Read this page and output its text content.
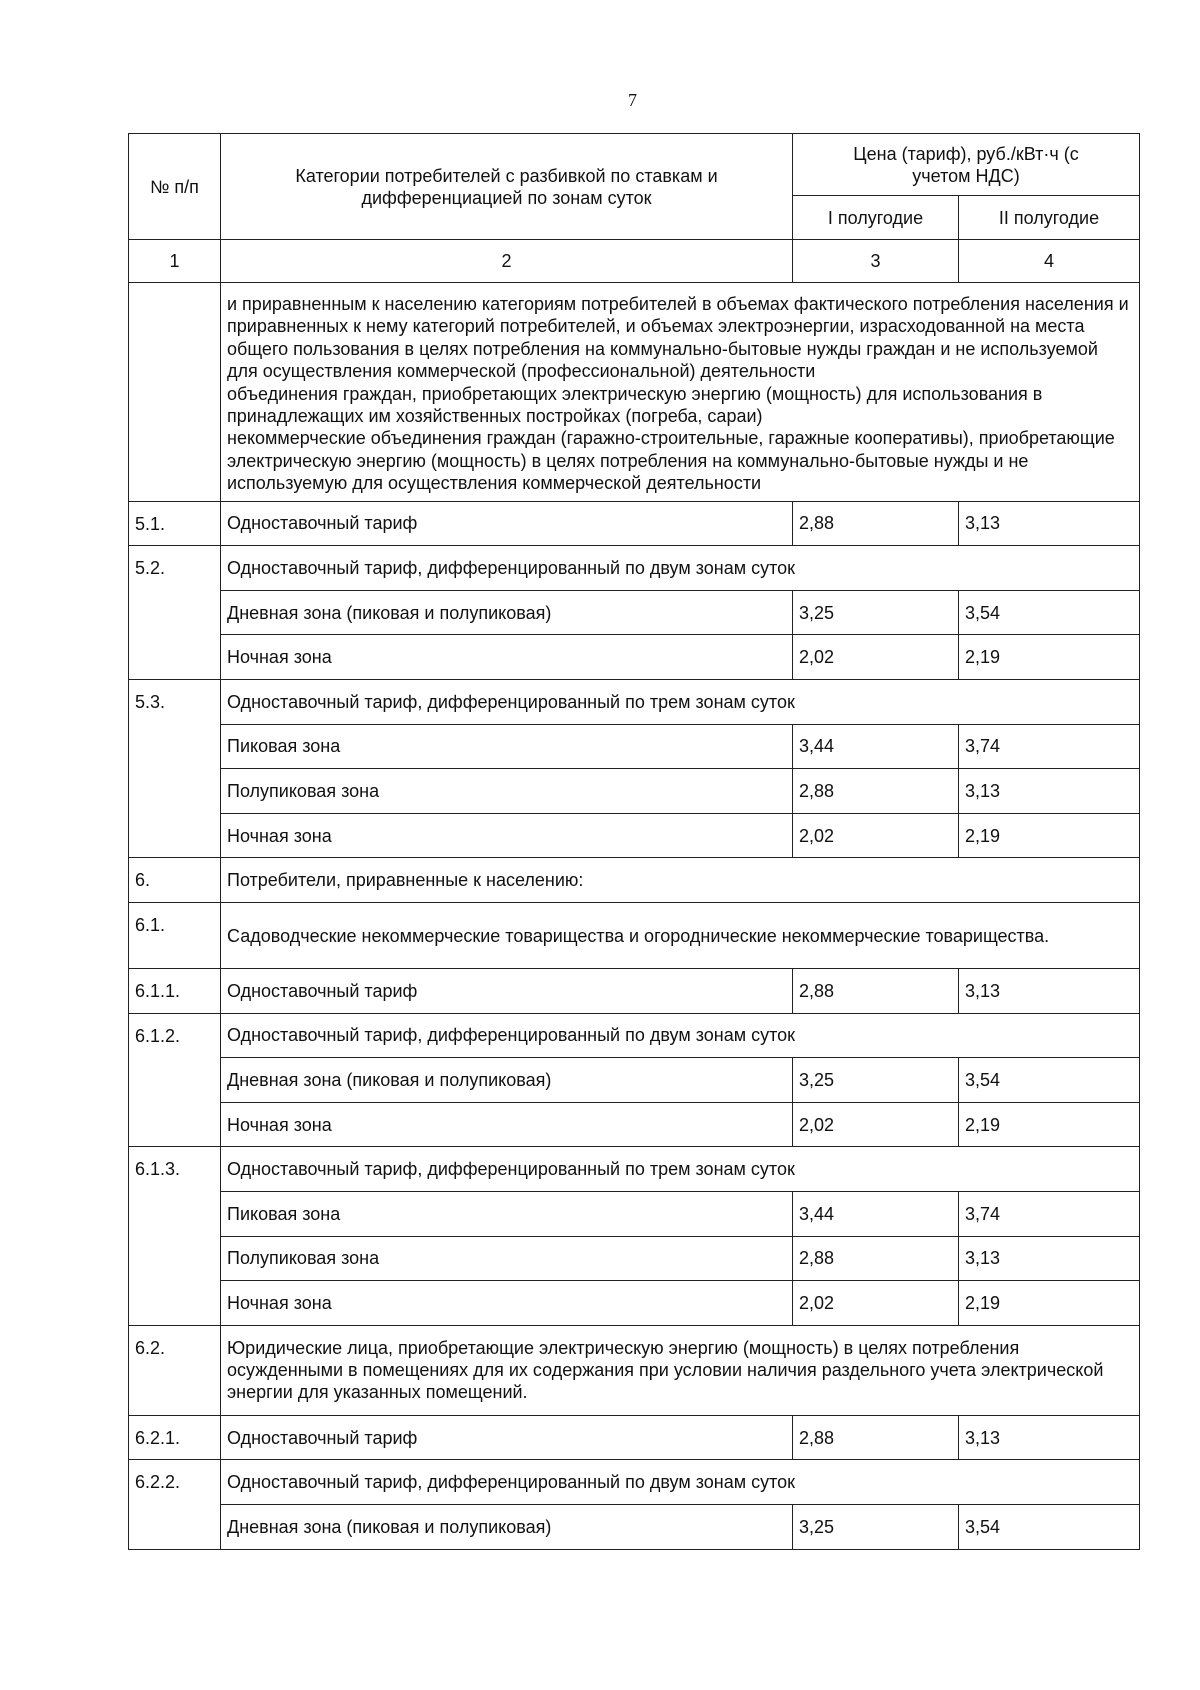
7
№ п/п	Категории потребителей с разбивкой по ставкам и дифференциацией по зонам суток	Цена (тариф), руб./кВт·ч (с учетом НДС)	
		I полугодие	II полугодие
1	2	3	4

	и приравненным к населению категориям потребителей в объемах фактического потребления населения и приравненных к нему категорий потребителей, и объемах электроэнергии, израсходованной на места общего пользования в целях потребления на коммунально-бытовые нужды граждан и не используемой для осуществления коммерческой (профессиональной) деятельности
объединения граждан, приобретающих электрическую энергию (мощность) для использования в принадлежащих им хозяйственных постройках (погреба, сараи)
некоммерческие объединения граждан (гаражно-строительные, гаражные кооперативы), приобретающие электрическую энергию (мощность) в целях потребления на коммунально-бытовые нужды и не используемую для осуществления коммерческой деятельности		

5.1.	Одноставочный тариф	2,88	3,13
5.2.	Одноставочный тариф, дифференцированный по двум зонам суток		
	Дневная зона (пиковая и полупиковая)	3,25	3,54
	Ночная зона	2,02	2,19
5.3.	Одноставочный тариф, дифференцированный по трем зонам суток		
	Пиковая зона	3,44	3,74
	Полупиковая зона	2,88	3,13
	Ночная зона	2,02	2,19
6.	Потребители, приравненные к населению:		
6.1.	Садоводческие некоммерческие товарищества и огороднические некоммерческие товарищества.		
6.1.1.	Одноставочный тариф	2,88	3,13
6.1.2.	Одноставочный тариф, дифференцированный по двум зонам суток		
	Дневная зона (пиковая и полупиковая)	3,25	3,54
	Ночная зона	2,02	2,19
6.1.3.	Одноставочный тариф, дифференцированный по трем зонам суток		
	Пиковая зона	3,44	3,74
	Полупиковая зона	2,88	3,13
	Ночная зона	2,02	2,19
6.2.	Юридические лица, приобретающие электрическую энергию (мощность) в целях потребления осужденными в помещениях для их содержания при условии наличия раздельного учета электрической энергии для указанных помещений.		
6.2.1.	Одноставочный тариф	2,88	3,13
6.2.2.	Одноставочный тариф, дифференцированный по двум зонам суток		
	Дневная зона (пиковая и полупиковая)	3,25	3,54
